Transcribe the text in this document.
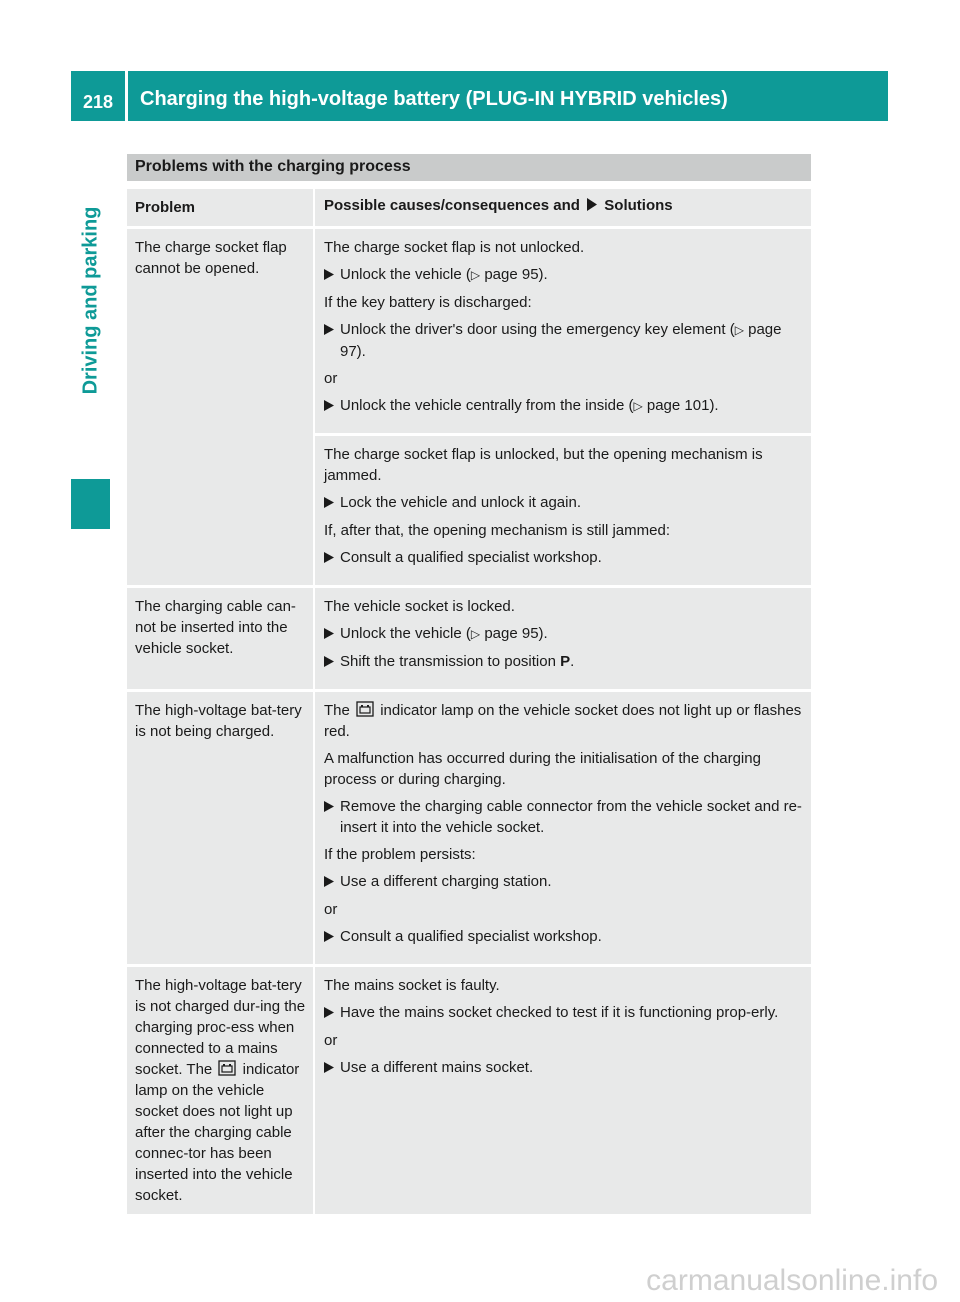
218	Charging the high-voltage battery (PLUG-IN HYBRID vehicles)
Driving and parking
Problems with the charging process
Problem	Possible causes/consequences and Solutions
The charge socket flap cannot be opened.
The charge socket flap is not unlocked.
Unlock the vehicle (▷ page 95).
If the key battery is discharged:
Unlock the driver's door using the emergency key element (▷ page 97).
or
Unlock the vehicle centrally from the inside (▷ page 101).
The charge socket flap is unlocked, but the opening mechanism is jammed.
Lock the vehicle and unlock it again.
If, after that, the opening mechanism is still jammed:
Consult a qualified specialist workshop.
The charging cable can-not be inserted into the vehicle socket.
The vehicle socket is locked.
Unlock the vehicle (▷ page 95).
Shift the transmission to position P.
The high-voltage bat-tery is not being charged.
The indicator lamp on the vehicle socket does not light up or flashes red.
A malfunction has occurred during the initialisation of the charging process or during charging.
Remove the charging cable connector from the vehicle socket and re-insert it into the vehicle socket.
If the problem persists:
Use a different charging station.
or
Consult a qualified specialist workshop.
The high-voltage bat-tery is not charged dur-ing the charging proc-ess when connected to a mains socket. The indicator lamp on the vehicle socket does not light up after the charging cable connec-tor has been inserted into the vehicle socket.
The mains socket is faulty.
Have the mains socket checked to test if it is functioning prop-erly.
or
Use a different mains socket.
carmanualsonline.info
